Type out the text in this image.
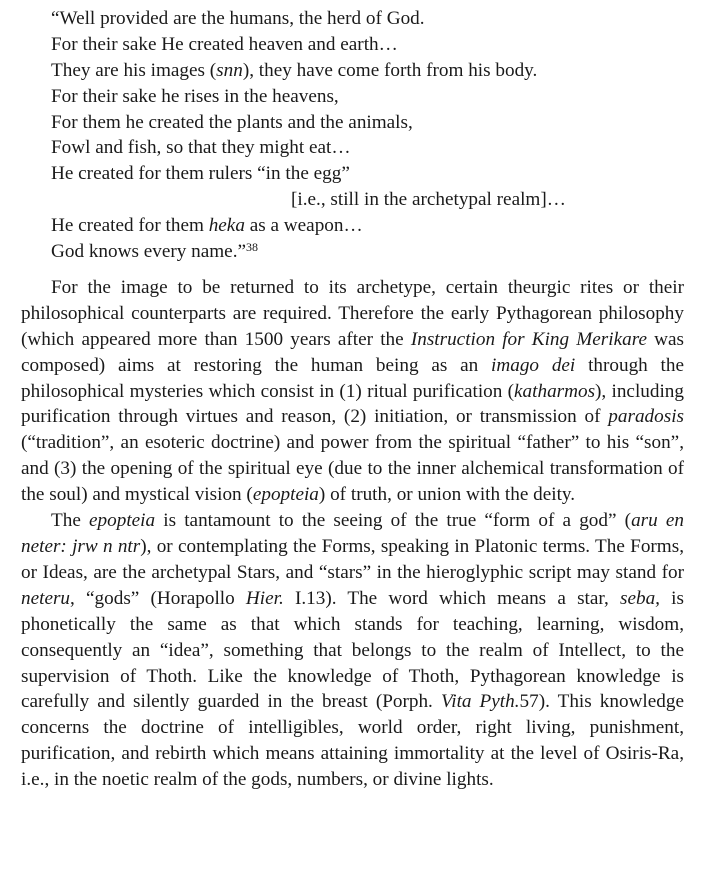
“Well provided are the humans, the herd of God.
For their sake He created heaven and earth…
They are his images (snn), they have come forth from his body.
For their sake he rises in the heavens,
For them he created the plants and the animals,
Fowl and fish, so that they might eat…
He created for them rulers “in the egg”
[i.e., still in the archetypal realm]…
He created for them heka as a weapon…
God knows every name.”$^{38}$

For the image to be returned to its archetype, certain theurgic rites or their philosophical counterparts are required. Therefore the early Pythagorean philosophy (which appeared more than 1500 years after the Instruction for King Merikare was composed) aims at restoring the human being as an imago dei through the philosophical mysteries which consist in (1) ritual purification (katharmos), including purification through virtues and reason, (2) initiation, or transmission of paradosis (“tradition”, an esoteric doctrine) and power from the spiritual “father” to his “son”, and (3) the opening of the spiritual eye (due to the inner alchemical transformation of the soul) and mystical vision (epopteia) of truth, or union with the deity.

The epopteia is tantamount to the seeing of the true “form of a god” (aru en neter: jrw n ntr), or contemplating the Forms, speaking in Platonic terms. The Forms, or Ideas, are the archetypal Stars, and “stars” in the hieroglyphic script may stand for neteru, “gods” (Horapollo Hier. I.13). The word which means a star, seba, is phonetically the same as that which stands for teaching, learning, wisdom, consequently an “idea”, something that belongs to the realm of Intellect, to the supervision of Thoth. Like the knowledge of Thoth, Pythagorean knowledge is carefully and silently guarded in the breast (Porph. Vita Pyth.57). This knowledge concerns the doctrine of intelligibles, world order, right living, punishment, purification, and rebirth which means attaining immortality at the level of Osiris-Ra, i.e., in the noetic realm of the gods, numbers, or divine lights.
